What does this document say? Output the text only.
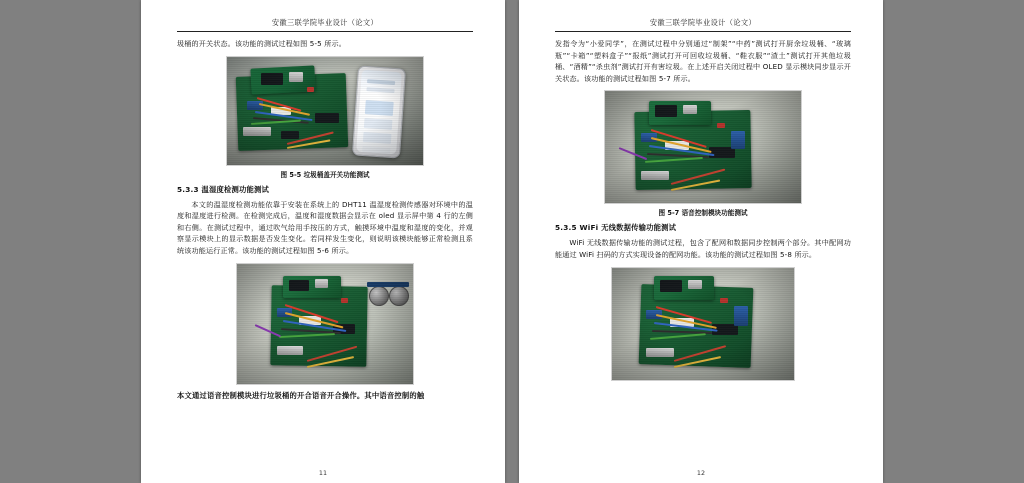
安徽三联学院毕业设计（论文）

圾桶的开关状态。该功能的测试过程如图 5-5 所示。

图 5-5 垃圾桶盖开关功能测试
5.3.3 温湿度检测功能测试

本文的温湿度检测功能依靠于安装在系统上的 DHT11 温湿度检测传感器对环境中的温度和湿度进行检测。在检测完成后，温度和湿度数据会显示在 oled 显示屏中第 4 行的左侧和右侧。在测试过程中，通过吹气给用手按压的方式，触摸环境中温度和湿度的变化，并观察显示模块上的显示数据是否发生变化。若同样发生变化，则说明该模块能够正常检测且系统该功能运行正常。该功能的测试过程如图 5-6 所示。

本文通过语音控制模块进行垃圾桶的开合语音开合操作。其中语音控制的触

11
安徽三联学院毕业设计（论文）

发指令为“小爱同学”，在测试过程中分别通过“制架”“中药”测试打开厨余垃圾桶、“玻璃瓶”“卡箱”“塑料盒子”“报纸”测试打开可回收垃圾桶、“鞋衣服”“渣土”测试打开其他垃圾桶、“酒精”“杀虫剂”测试打开有害垃圾。在上述开启关闭过程中 OLED 显示模块同步显示开关状态。该功能的测试过程如图 5-7 所示。

图 5-7 语音控制模块功能测试
5.3.5 WiFi 无线数据传输功能测试

WiFi 无线数据传输功能的测试过程，包含了配网和数据同步控制两个部分。其中配网功能通过 WiFi 扫码的方式实现设备的配网功能。该功能的测试过程如图 5-8 所示。

12
